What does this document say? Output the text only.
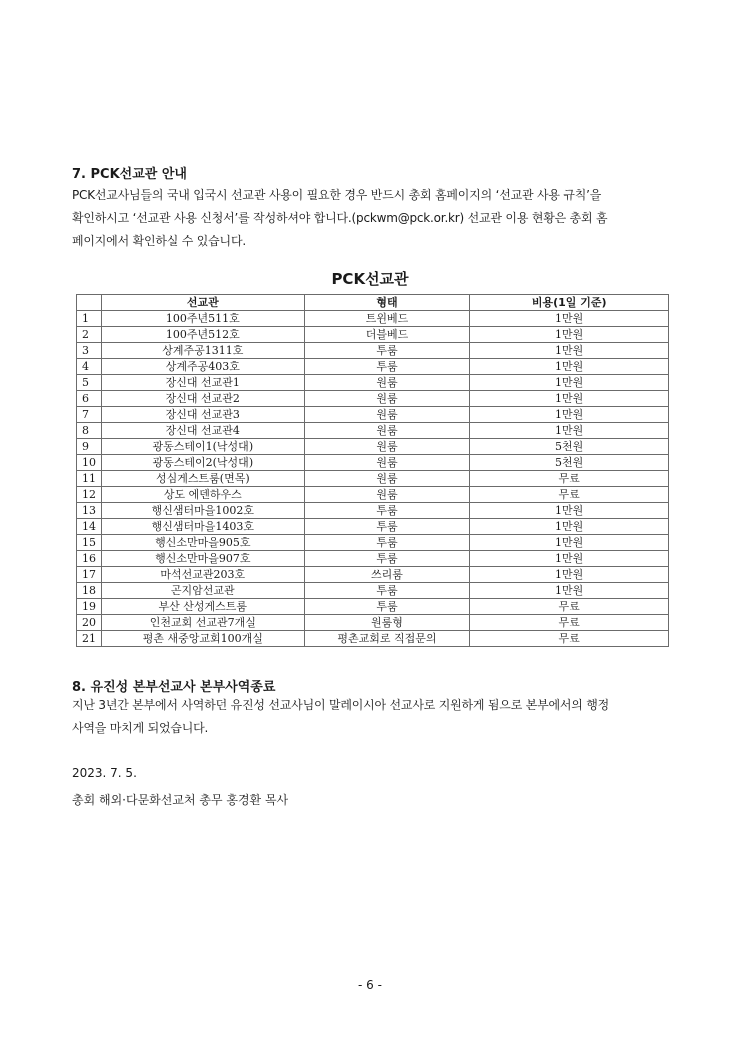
7. PCK선교관 안내
PCK선교사님들의 국내 입국시 선교관 사용이 필요한 경우 반드시 총회 홈페이지의 ‘선교관 사용 규칙’을
확인하시고 ‘선교관 사용 신청서’를 작성하셔야 합니다.(pckwm@pck.or.kr) 선교관 이용 현황은 총회 홈
페이지에서 확인하실 수 있습니다.
PCK선교관
	선교관	형태	비용(1일 기준)
1	100주년511호	트윈베드	1만원
2	100주년512호	더블베드	1만원
3	상계주공1311호	투룸	1만원
4	상계주공403호	투룸	1만원
5	장신대 선교관1	원룸	1만원
6	장신대 선교관2	원룸	1만원
7	장신대 선교관3	원룸	1만원
8	장신대 선교관4	원룸	1만원
9	광동스테이1(낙성대)	원룸	5천원
10	광동스테이2(낙성대)	원룸	5천원
11	성심게스트룸(면목)	원룸	무료
12	상도 에덴하우스	원룸	무료
13	행신샘터마을1002호	투룸	1만원
14	행신샘터마을1403호	투룸	1만원
15	행신소만마을905호	투룸	1만원
16	행신소만마을907호	투룸	1만원
17	마석선교관203호	쓰리룸	1만원
18	곤지암선교관	투룸	1만원
19	부산 산성게스트룸	투룸	무료
20	인천교회 선교관7개실	원룸형	무료
21	평촌 새중앙교회100개실	평촌교회로 직접문의	무료
8. 유진성 본부선교사 본부사역종료
지난 3년간 본부에서 사역하던 유진성 선교사님이 말레이시아 선교사로 지원하게 됨으로 본부에서의 행정
사역을 마치게 되었습니다.
2023. 7. 5.
총회 해외·다문화선교처 총무 홍경환 목사
- 6 -
